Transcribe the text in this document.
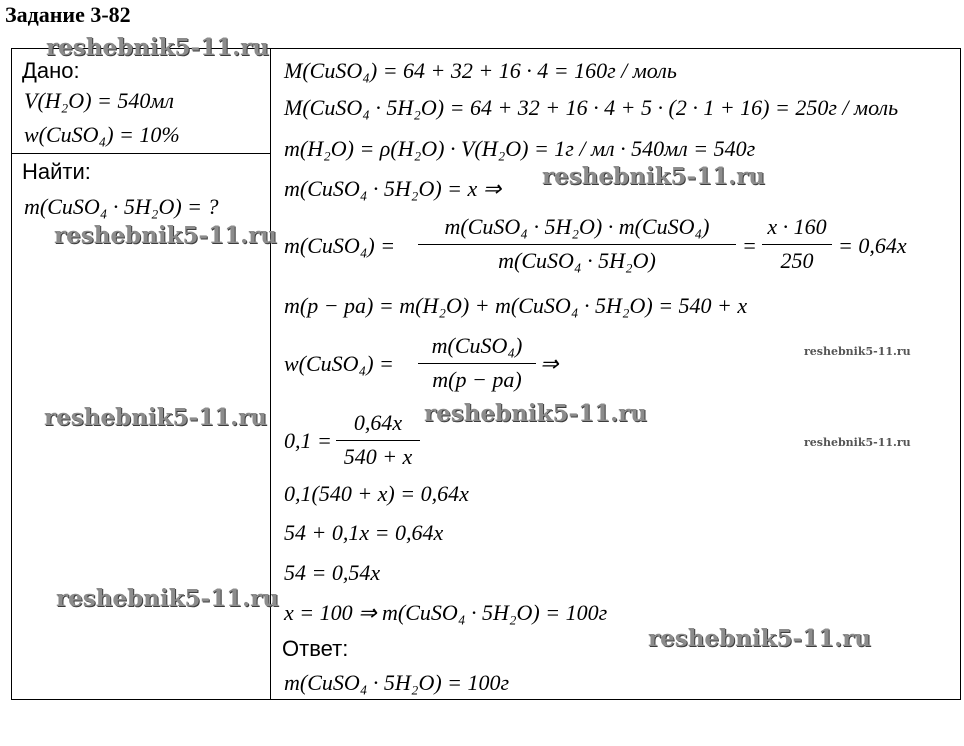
Задание 3-82
Дано:
V(H₂O) = 540мл
w(CuSO₄) = 10%
Найти:
m(CuSO₄ · 5H₂O) = ?
M(CuSO₄) = 64 + 32 + 16 · 4 = 160г / моль
M(CuSO₄ · 5H₂O) = 64 + 32 + 16 · 4 + 5 · (2 · 1 + 16) = 250г / моль
m(H₂O) = ρ(H₂O) · V(H₂O) = 1г / мл · 540мл = 540г
m(CuSO₄ · 5H₂O) = x ⇒
m(CuSO₄) =
m(CuSO₄ · 5H₂O) · m(CuSO₄)
m(CuSO₄ · 5H₂O)
=
x · 160
250
= 0,64x
m(p − pa) = m(H₂O) + m(CuSO₄ · 5H₂O) = 540 + x
w(CuSO₄) =
m(CuSO₄)
m(p − pa)
⇒
0,1 =
0,64x
540 + x
0,1(540 + x) = 0,64x
54 + 0,1x = 0,64x
54 = 0,54x
x = 100 ⇒ m(CuSO₄ · 5H₂O) = 100г
Ответ:
m(CuSO₄ · 5H₂O) = 100г
reshebnik5-11.ru
reshebnik5-11.ru
reshebnik5-11.ru
reshebnik5-11.ru
reshebnik5-11.ru
reshebnik5-11.ru
reshebnik5-11.ru
reshebnik5-11.ru
reshebnik5-11.ru
